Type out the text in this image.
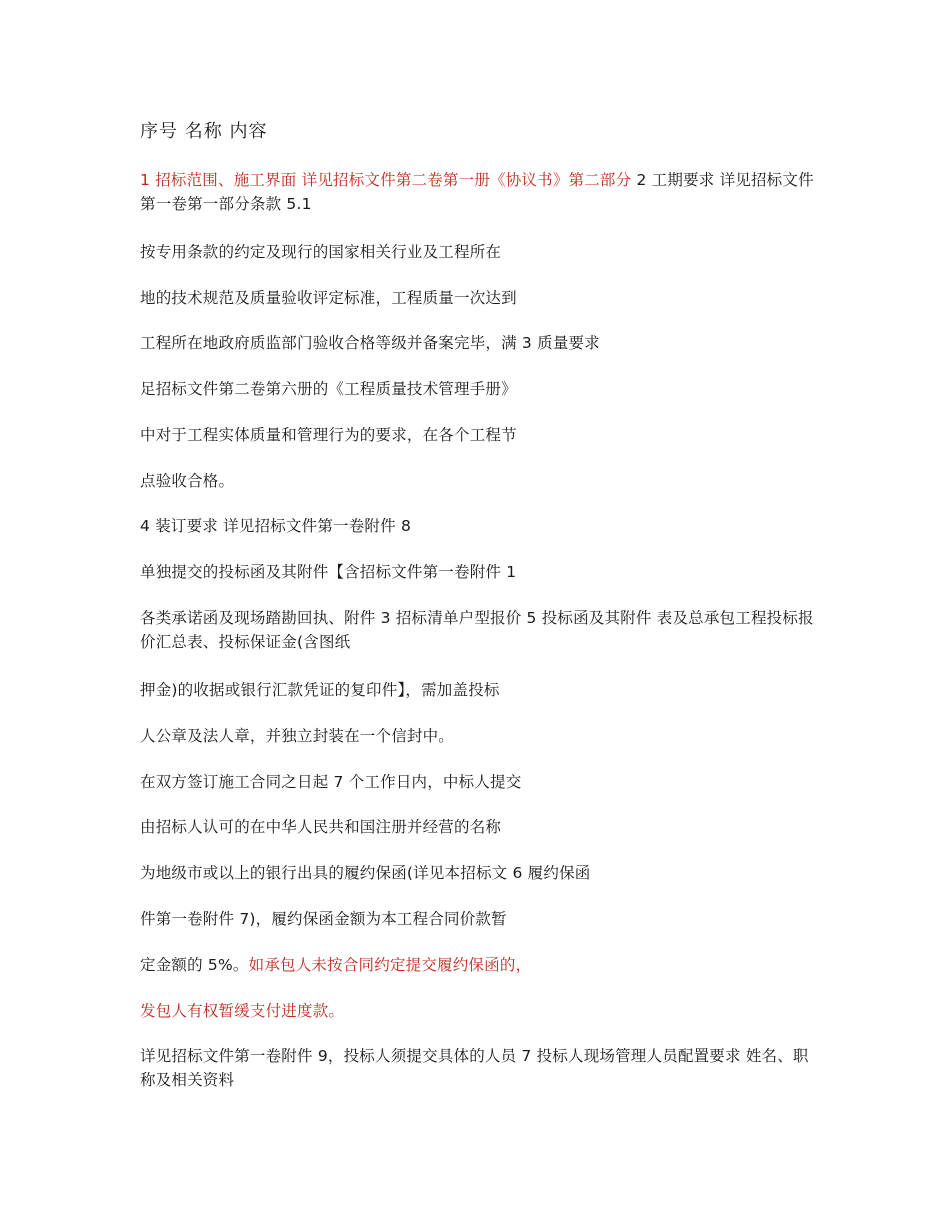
序号 名称 内容
1 招标范围、施工界面 详见招标文件第二卷第一册《协议书》第二部分 2 工期要求 详见招标文件第一卷第一部分条款 5.1
按专用条款的约定及现行的国家相关行业及工程所在
地的技术规范及质量验收评定标准，工程质量一次达到
工程所在地政府质监部门验收合格等级并备案完毕，满 3 质量要求
足招标文件第二卷第六册的《工程质量技术管理手册》
中对于工程实体质量和管理行为的要求，在各个工程节
点验收合格。
4 装订要求 详见招标文件第一卷附件 8
单独提交的投标函及其附件【含招标文件第一卷附件 1
各类承诺函及现场踏勘回执、附件 3 招标清单户型报价 5 投标函及其附件 表及总承包工程投标报价汇总表、投标保证金(含图纸
押金)的收据或银行汇款凭证的复印件】，需加盖投标
人公章及法人章，并独立封装在一个信封中。
在双方签订施工合同之日起 7 个工作日内，中标人提交
由招标人认可的在中华人民共和国注册并经营的名称
为地级市或以上的银行出具的履约保函(详见本招标文 6 履约保函
件第一卷附件 7)，履约保函金额为本工程合同价款暂
定金额的 5%。如承包人未按合同约定提交履约保函的，
发包人有权暂缓支付进度款。
详见招标文件第一卷附件 9，投标人须提交具体的人员 7 投标人现场管理人员配置要求 姓名、职称及相关资料
